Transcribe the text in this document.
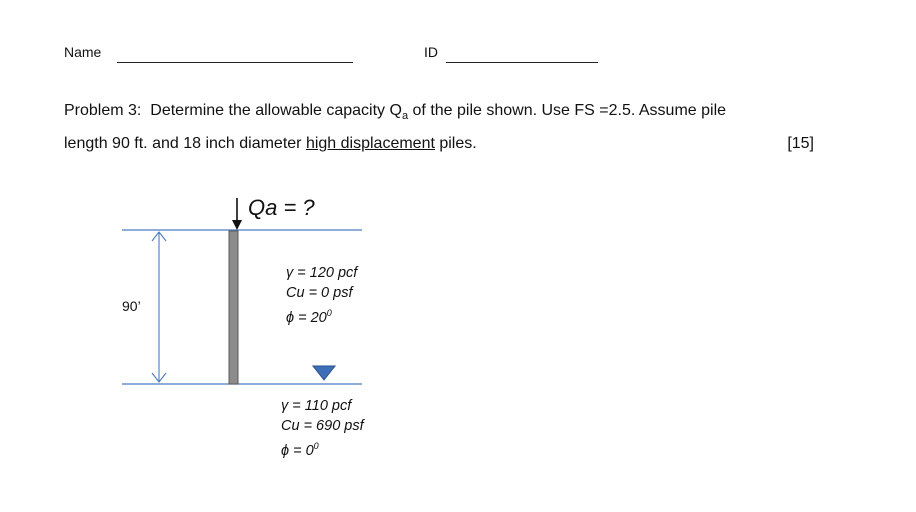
Name	ID
Problem 3: Determine the allowable capacity $Q_a$ of the pile shown. Use FS =2.5. Assume pile
length 90 ft. and 18 inch diameter high displacement piles.	[15]
Qa = ?
90’
γ = 120 pcf
Cu = 0 psf
$\phi = 20^0$
γ = 110 pcf
Cu = 690 psf
$\phi = 0^0$
